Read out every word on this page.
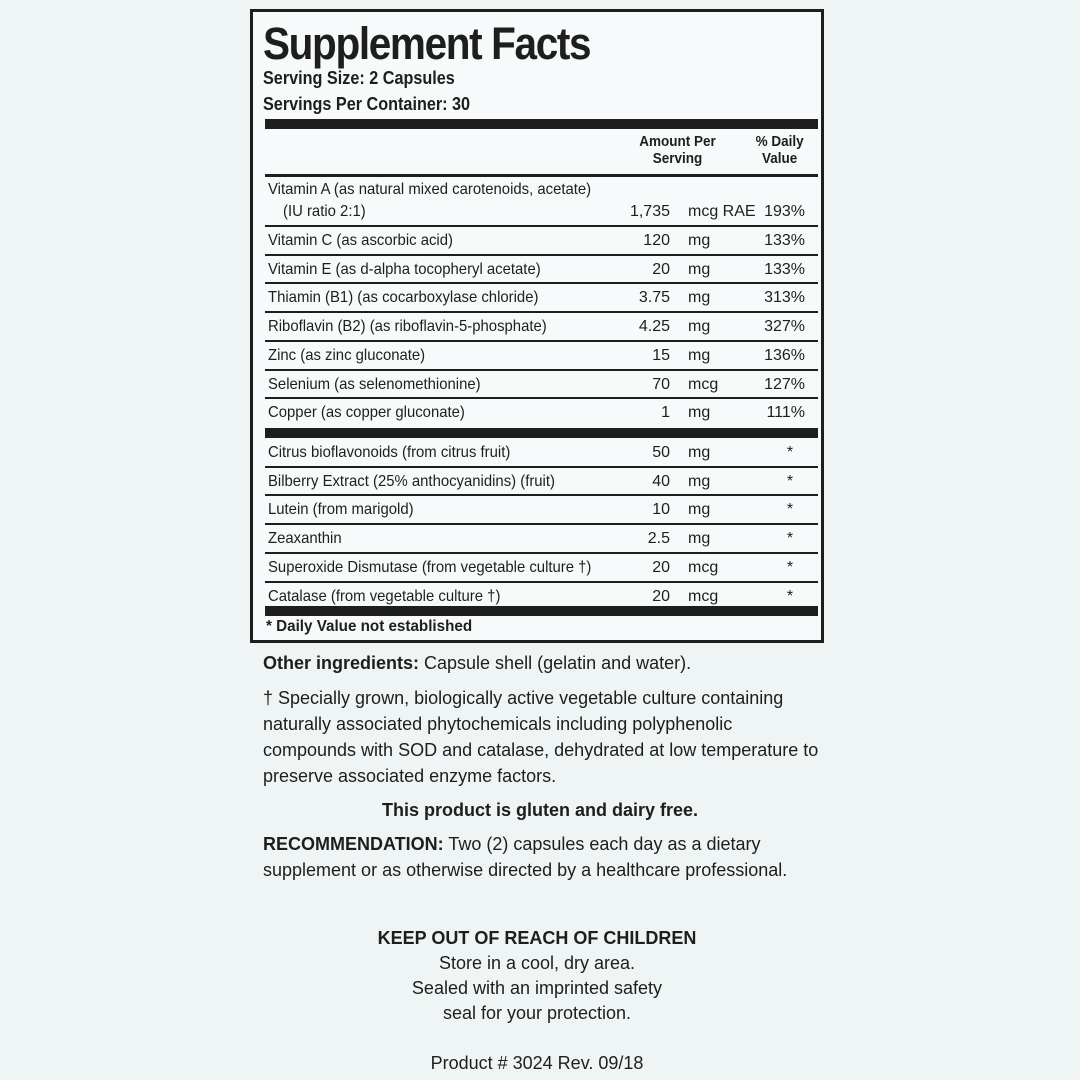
Supplement Facts
Serving Size: 2 Capsules
Servings Per Container: 30
Amount Per
Serving
% Daily
Value
Vitamin A (as natural mixed carotenoids, acetate)
(IU ratio 2:1)	1,735 mcg RAE 193%
Vitamin C (as ascorbic acid)	120 mg	133%
Vitamin E (as d-alpha tocopheryl acetate)	20 mg	133%
Thiamin (B1) (as cocarboxylase chloride)	3.75 mg	313%
Riboflavin (B2) (as riboflavin-5-phosphate)	4.25 mg	327%
Zinc (as zinc gluconate)	15 mg	136%
Selenium (as selenomethionine)	70 mcg	127%
Copper (as copper gluconate)	1 mg	111%
Citrus bioflavonoids (from citrus fruit)	50 mg	*
Bilberry Extract (25% anthocyanidins) (fruit)	40 mg	*
Lutein (from marigold)	10 mg	*
Zeaxanthin	2.5 mg	*
Superoxide Dismutase (from vegetable culture †)	20 mcg	*
Catalase (from vegetable culture †)	20 mcg	*
* Daily Value not established
Other ingredients: Capsule shell (gelatin and water).
† Specially grown, biologically active vegetable culture containing naturally associated phytochemicals including polyphenolic compounds with SOD and catalase, dehydrated at low temperature to preserve associated enzyme factors.
This product is gluten and dairy free.
RECOMMENDATION: Two (2) capsules each day as a dietary supplement or as otherwise directed by a healthcare professional.
KEEP OUT OF REACH OF CHILDREN
Store in a cool, dry area.
Sealed with an imprinted safety
seal for your protection.
Product # 3024 Rev. 09/18
